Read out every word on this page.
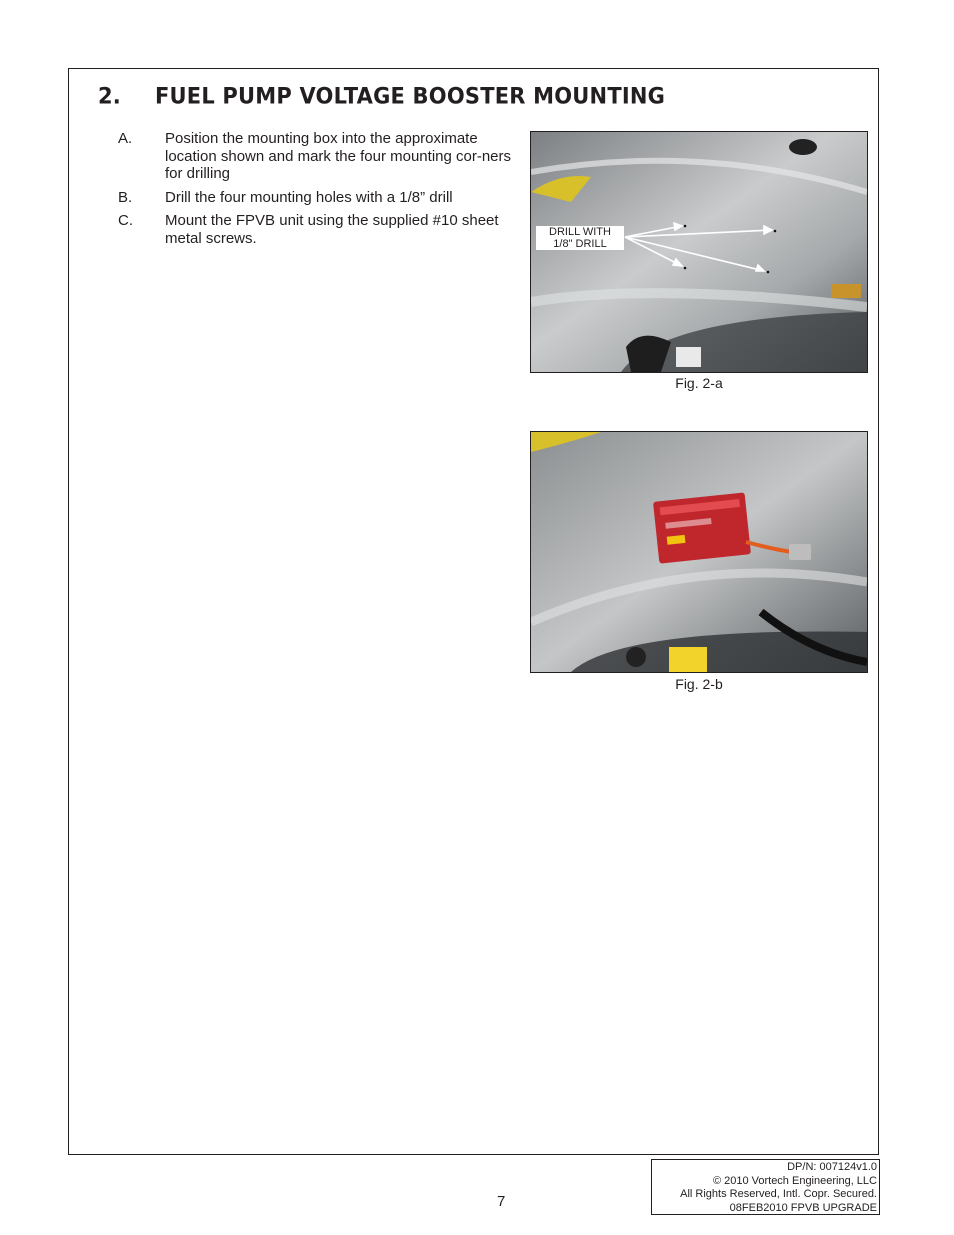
2. FUEL PUMP VOLTAGE BOOSTER MOUNTING
A.	Position the mounting box into the approximate location shown and mark the four mounting cor-ners for drilling
B.	Drill the four mounting holes with a 1/8” drill
C.	Mount the FPVB unit using the supplied #10 sheet metal screws.	DRILL WITH
1/8" DRILL
Fig. 2-a
Fig. 2-b
7
DP/N: 007124v1.0
© 2010 Vortech Engineering, LLC
All Rights Reserved, Intl. Copr. Secured.
08FEB2010 FPVB UPGRADE
